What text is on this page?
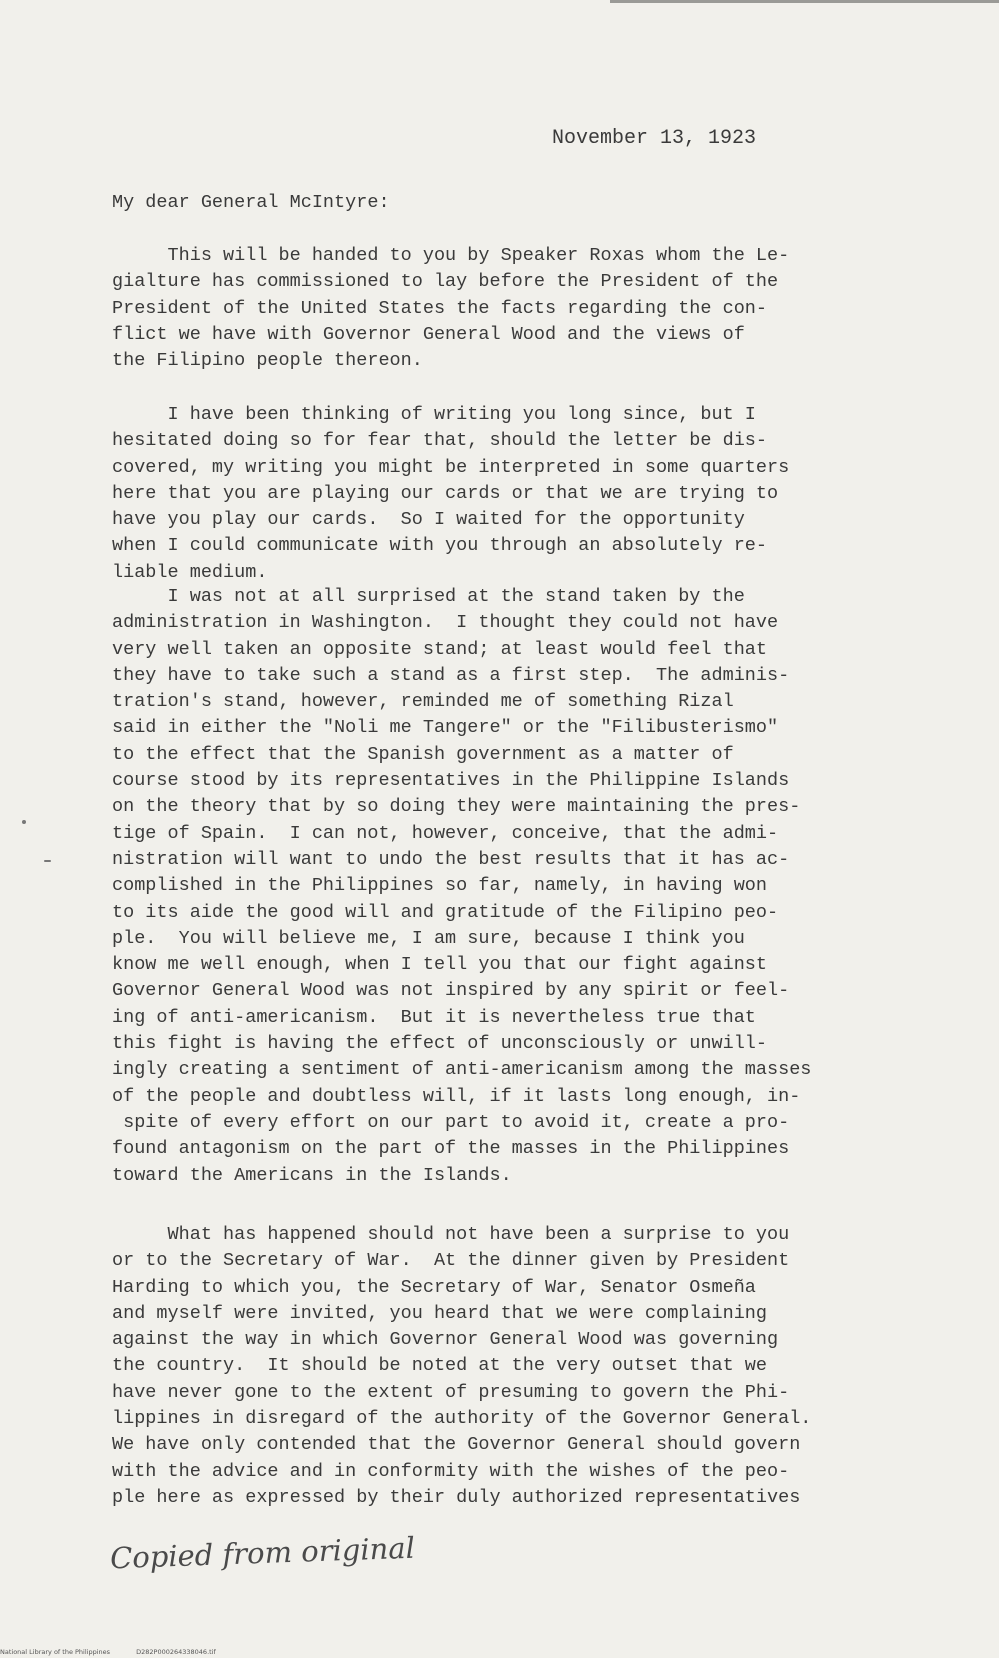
November 13, 1923
My dear General McIntyre:

This will be handed to you by Speaker Roxas whom the Le-
gialture has commissioned to lay before the President of the
President of the United States the facts regarding the con-
flict we have with Governor General Wood and the views of
the Filipino people thereon.

I have been thinking of writing you long since, but I
hesitated doing so for fear that, should the letter be dis-
covered, my writing you might be interpreted in some quarters
here that you are playing our cards or that we are trying to
have you play our cards.  So I waited for the opportunity
when I could communicate with you through an absolutely re-
liable medium.

I was not at all surprised at the stand taken by the
administration in Washington.  I thought they could not have
very well taken an opposite stand; at least would feel that
they have to take such a stand as a first step.  The adminis-
tration's stand, however, reminded me of something Rizal
said in either the "Noli me Tangere" or the "Filibusterismo"
to the effect that the Spanish government as a matter of
course stood by its representatives in the Philippine Islands
on the theory that by so doing they were maintaining the pres-
tige of Spain.  I can not, however, conceive, that the admi-
nistration will want to undo the best results that it has ac-
complished in the Philippines so far, namely, in having won
to its aide the good will and gratitude of the Filipino peo-
ple.  You will believe me, I am sure, because I think you
know me well enough, when I tell you that our fight against
Governor General Wood was not inspired by any spirit or feel-
ing of anti-americanism.  But it is nevertheless true that
this fight is having the effect of unconsciously or unwill-
ingly creating a sentiment of anti-americanism among the masses
of the people and doubtless will, if it lasts long enough, in-
spite of every effort on our part to avoid it, create a pro-
found antagonism on the part of the masses in the Philippines
toward the Americans in the Islands.

What has happened should not have been a surprise to you
or to the Secretary of War.  At the dinner given by President
Harding to which you, the Secretary of War, Senator Osmeña
and myself were invited, you heard that we were complaining
against the way in which Governor General Wood was governing
the country.  It should be noted at the very outset that we
have never gone to the extent of presuming to govern the Phi-
lippines in disregard of the authority of the Governor General.
We have only contended that the Governor General should govern
with the advice and in conformity with the wishes of the peo-
ple here as expressed by their duly authorized representatives

Copied from original
National Library of the Philippines	D282P000264338046.tif
